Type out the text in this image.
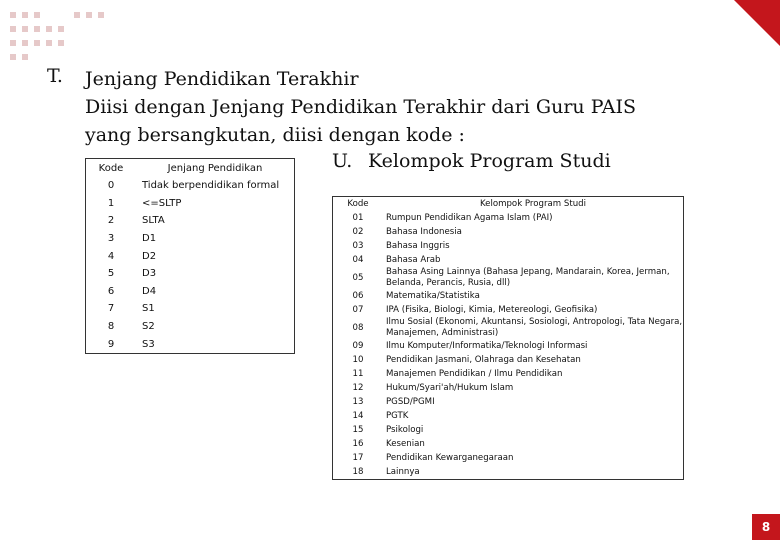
T. Jenjang Pendidikan Terakhir
Diisi dengan Jenjang Pendidikan Terakhir dari Guru PAIS
yang bersangkutan, diisi dengan kode :
U. Kelompok Program Studi
Kode	Jenjang Pendidikan
0	Tidak berpendidikan formal
1	<=SLTP
2	SLTA
3	D1
4	D2
5	D3
6	D4
7	S1
8	S2
9	S3
Kode	Kelompok Program Studi
01	Rumpun Pendidikan Agama Islam (PAI)
02	Bahasa Indonesia
03	Bahasa Inggris
04	Bahasa Arab
05	Bahasa Asing Lainnya (Bahasa Jepang, Mandarain, Korea, Jerman, Belanda, Perancis, Rusia, dll)
06	Matematika/Statistika
07	IPA (Fisika, Biologi, Kimia, Metereologi, Geofisika)
08	Ilmu Sosial (Ekonomi, Akuntansi, Sosiologi, Antropologi, Tata Negara, Manajemen, Administrasi)
09	Ilmu Komputer/Informatika/Teknologi Informasi
10	Pendidikan Jasmani, Olahraga dan Kesehatan
11	Manajemen Pendidikan / Ilmu Pendidikan
12	Hukum/Syari'ah/Hukum Islam
13	PGSD/PGMI
14	PGTK
15	Psikologi
16	Kesenian
17	Pendidikan Kewarganegaraan
18	Lainnya
8
